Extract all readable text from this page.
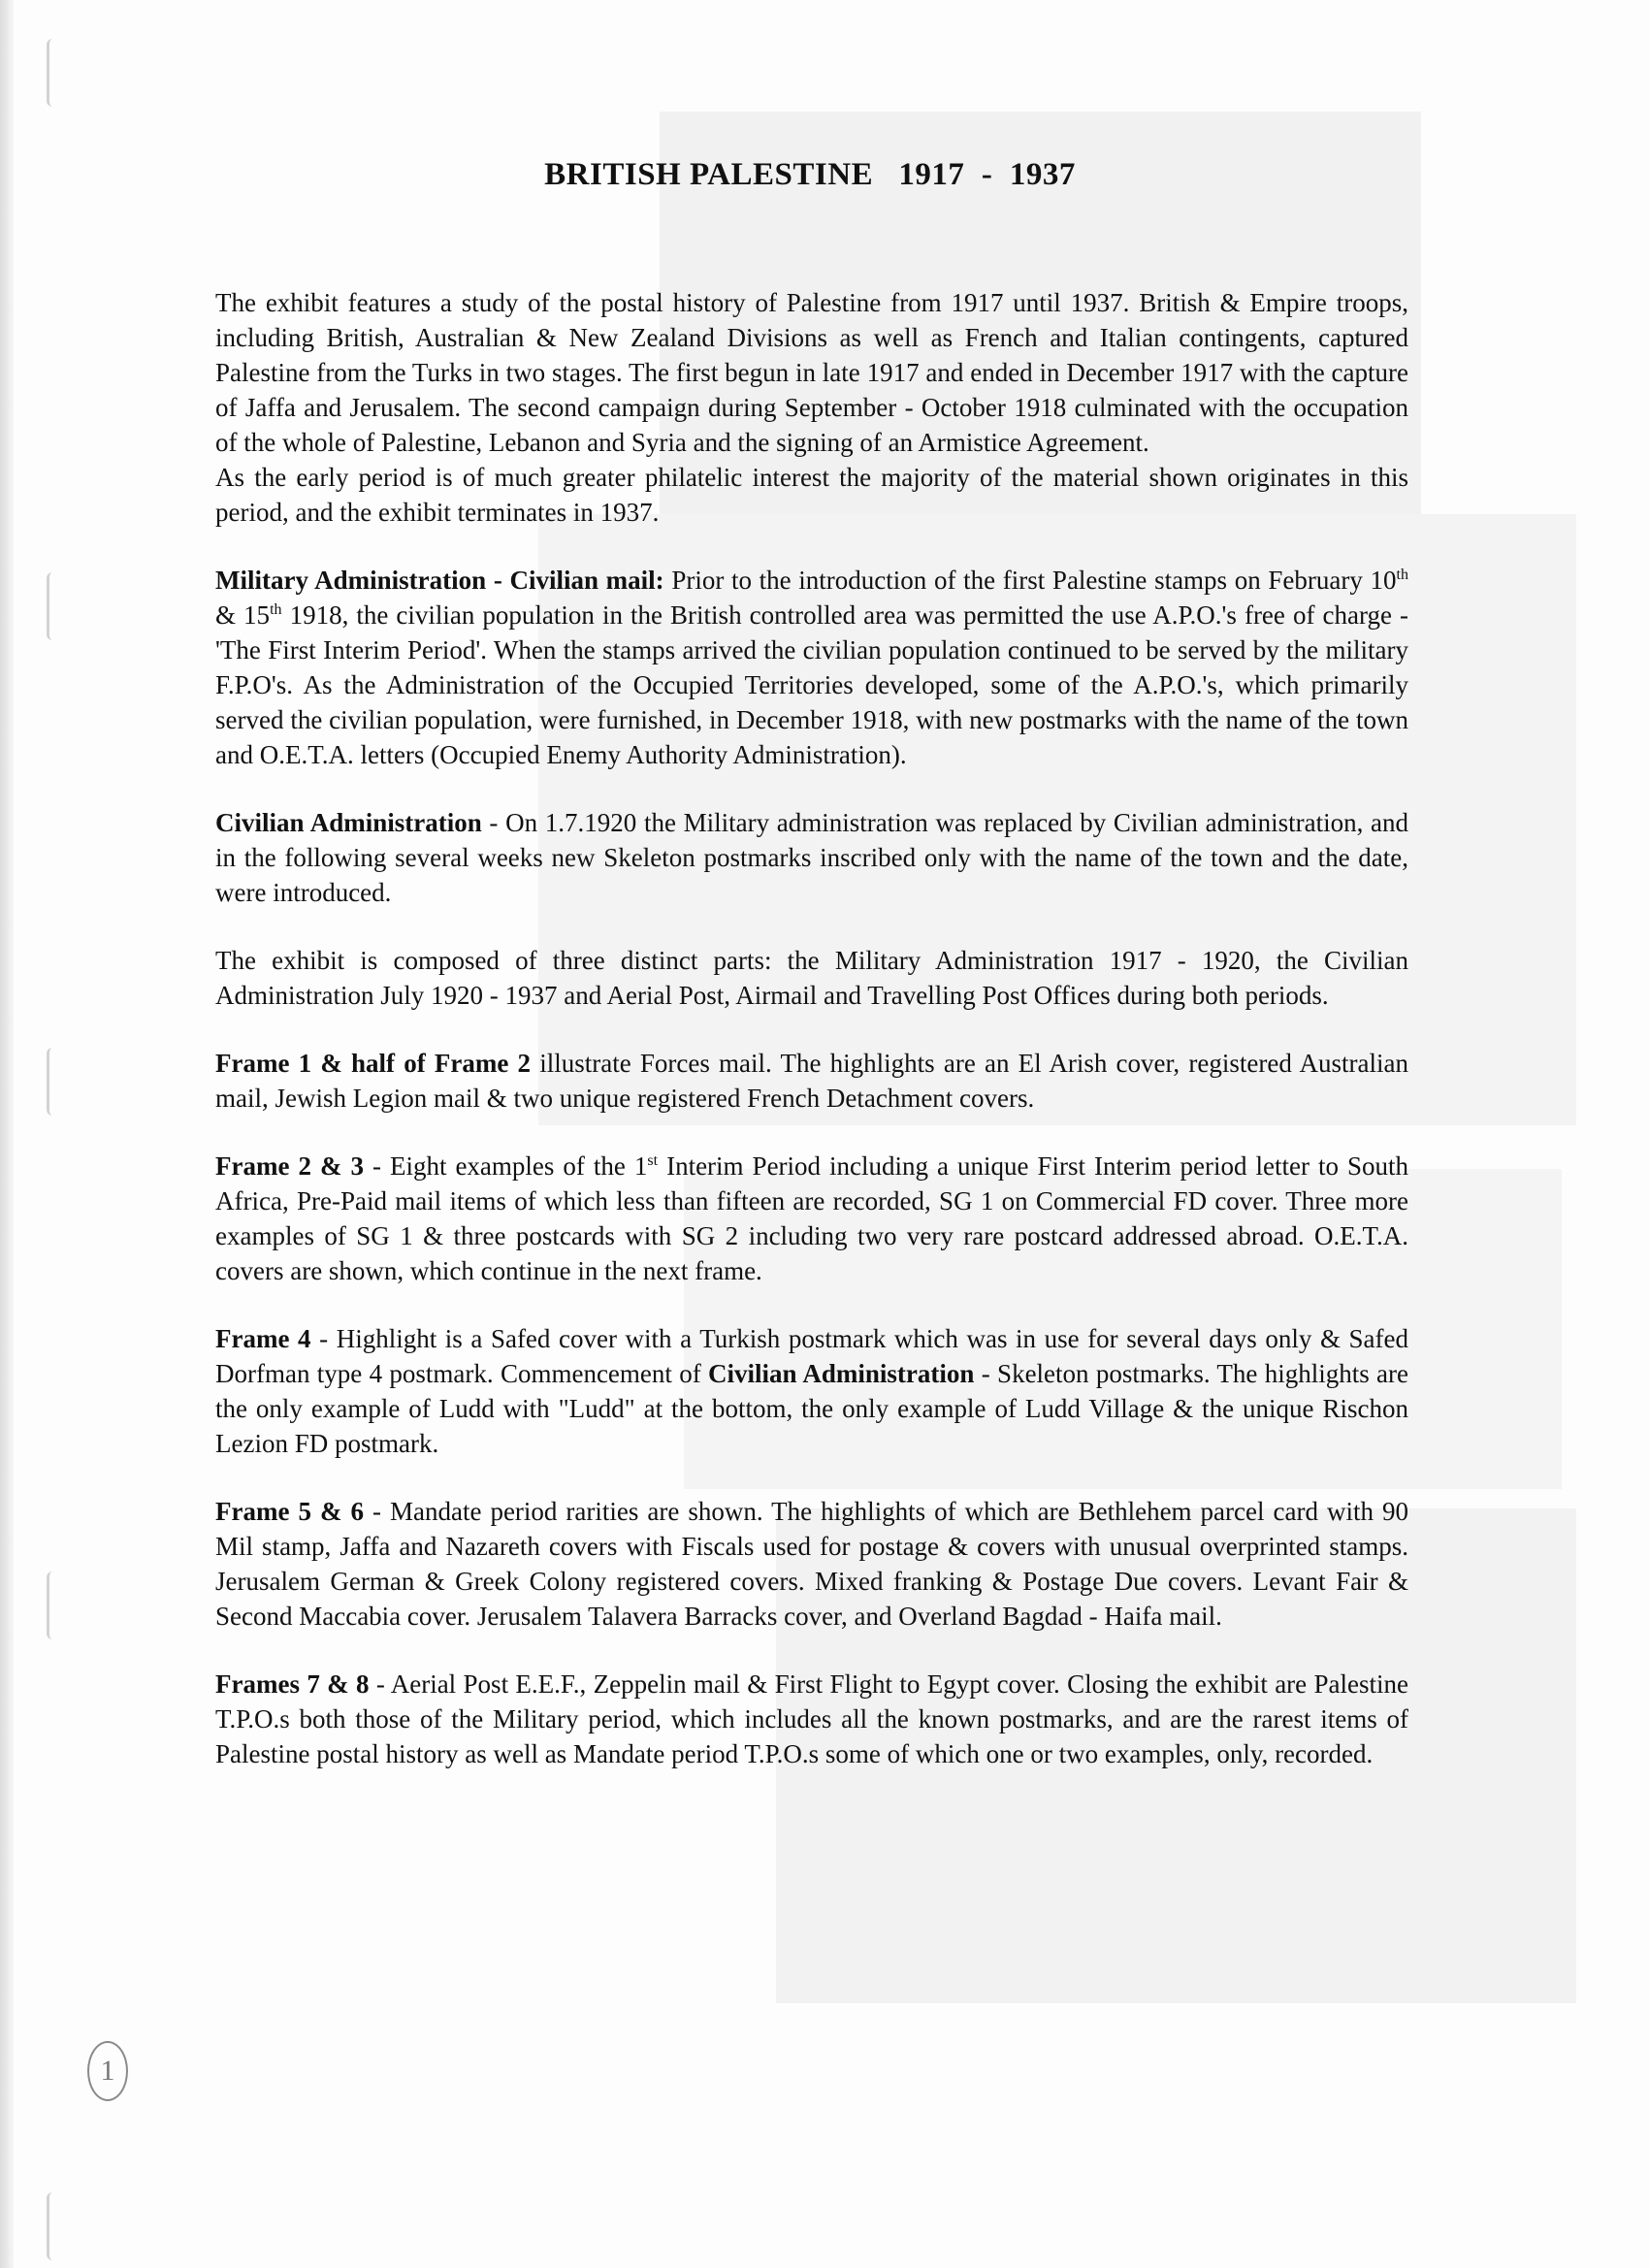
BRITISH PALESTINE   1917  -  1937

The exhibit features a study of the postal history of Palestine from 1917 until 1937. British & Empire troops, including British, Australian & New Zealand Divisions as well as French and Italian contingents, captured Palestine from the Turks in two stages. The first begun in late 1917 and ended in December 1917 with the capture of Jaffa and Jerusalem. The second campaign during September - October 1918 culminated with the occupation of the whole of Palestine, Lebanon and Syria and the signing of an Armistice Agreement.

As the early period is of much greater philatelic interest the majority of the material shown originates in this period, and the exhibit terminates in 1937.

Military Administration - Civilian mail: Prior to the introduction of the first Palestine stamps on February 10th & 15th 1918, the civilian population in the British controlled area was permitted the use A.P.O.'s free of charge - 'The First Interim Period'. When the stamps arrived the civilian population continued to be served by the military F.P.O's. As the Administration of the Occupied Territories developed, some of the A.P.O.'s, which primarily served the civilian population, were furnished, in December 1918, with new postmarks with the name of the town and O.E.T.A. letters (Occupied Enemy Authority Administration).

Civilian Administration - On 1.7.1920 the Military administration was replaced by Civilian administration, and in the following several weeks new Skeleton postmarks inscribed only with the name of the town and the date, were introduced.

The exhibit is composed of three distinct parts: the Military Administration 1917 - 1920, the Civilian Administration July 1920 - 1937 and Aerial Post, Airmail and Travelling Post Offices during both periods.

Frame 1 & half of Frame 2 illustrate Forces mail. The highlights are an El Arish cover, registered Australian mail, Jewish Legion mail & two unique registered French Detachment covers.

Frame 2 & 3 - Eight examples of the 1st Interim Period including a unique First Interim period letter to South Africa, Pre-Paid mail items of which less than fifteen are recorded, SG 1 on Commercial FD cover. Three more examples of SG 1 & three postcards with SG 2 including two very rare postcard addressed abroad. O.E.T.A. covers are shown, which continue in the next frame.

Frame 4 - Highlight is a Safed cover with a Turkish postmark which was in use for several days only & Safed Dorfman type 4 postmark. Commencement of Civilian Administration - Skeleton postmarks. The highlights are the only example of Ludd with "Ludd" at the bottom, the only example of Ludd Village & the unique Rischon Lezion FD postmark.

Frame 5 & 6 - Mandate period rarities are shown. The highlights of which are Bethlehem parcel card with 90 Mil stamp, Jaffa and Nazareth covers with Fiscals used for postage & covers with unusual overprinted stamps. Jerusalem German & Greek Colony registered covers. Mixed franking & Postage Due covers. Levant Fair & Second Maccabia cover. Jerusalem Talavera Barracks cover, and Overland Bagdad - Haifa mail.

Frames 7 & 8 - Aerial Post E.E.F., Zeppelin mail & First Flight to Egypt cover. Closing the exhibit are Palestine T.P.O.s both those of the Military period, which includes all the known postmarks, and are the rarest items of Palestine postal history as well as Mandate period T.P.O.s some of which one or two examples, only, recorded.

1
